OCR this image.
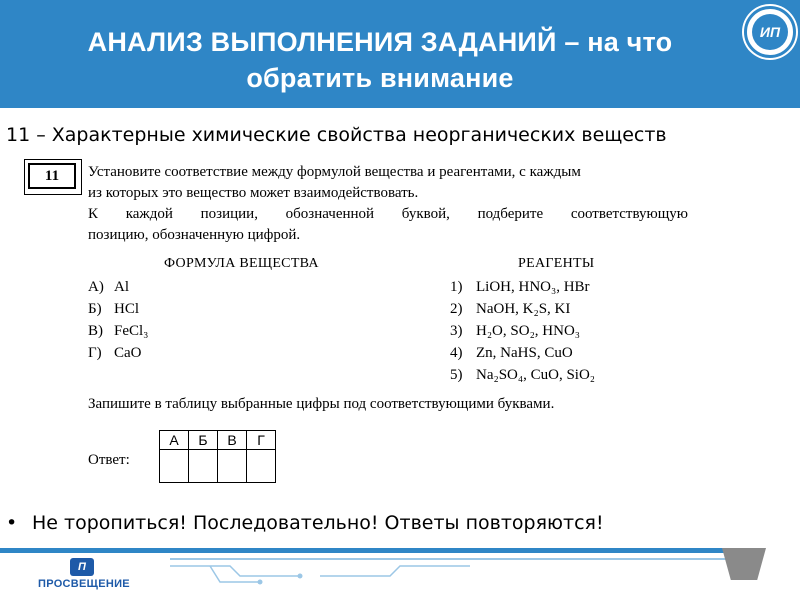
АНАЛИЗ ВЫПОЛНЕНИЯ ЗАДАНИЙ – на что обратить внимание
ИП
11 – Характерные химические свойства неорганических веществ
11	Установите соответствие между формулой вещества и реагентами, с каждым

из которых это вещество может взаимодействовать.

К каждой позиции, обозначенной буквой, подберите соответствующую

позицию, обозначенную цифрой.

ФОРМУЛА ВЕЩЕСТВА	РЕАГЕНТЫ
А) Al
Б) HCl
В) FeCl₃
Г) CaO
1) LiOH, HNO₃, HBr
2) NaOH, K₂S, KI
3) H₂O, SO₂, HNO₃
4) Zn, NaHS, CuO
5) Na₂SO₄, CuO, SiO₂
Запишите в таблицу выбранные цифры под соответствующими буквами.
Ответ:
А	Б	В	Г

• Не торопиться! Последовательно! Ответы повторяются!
П
ПРОСВЕЩЕНИЕ
